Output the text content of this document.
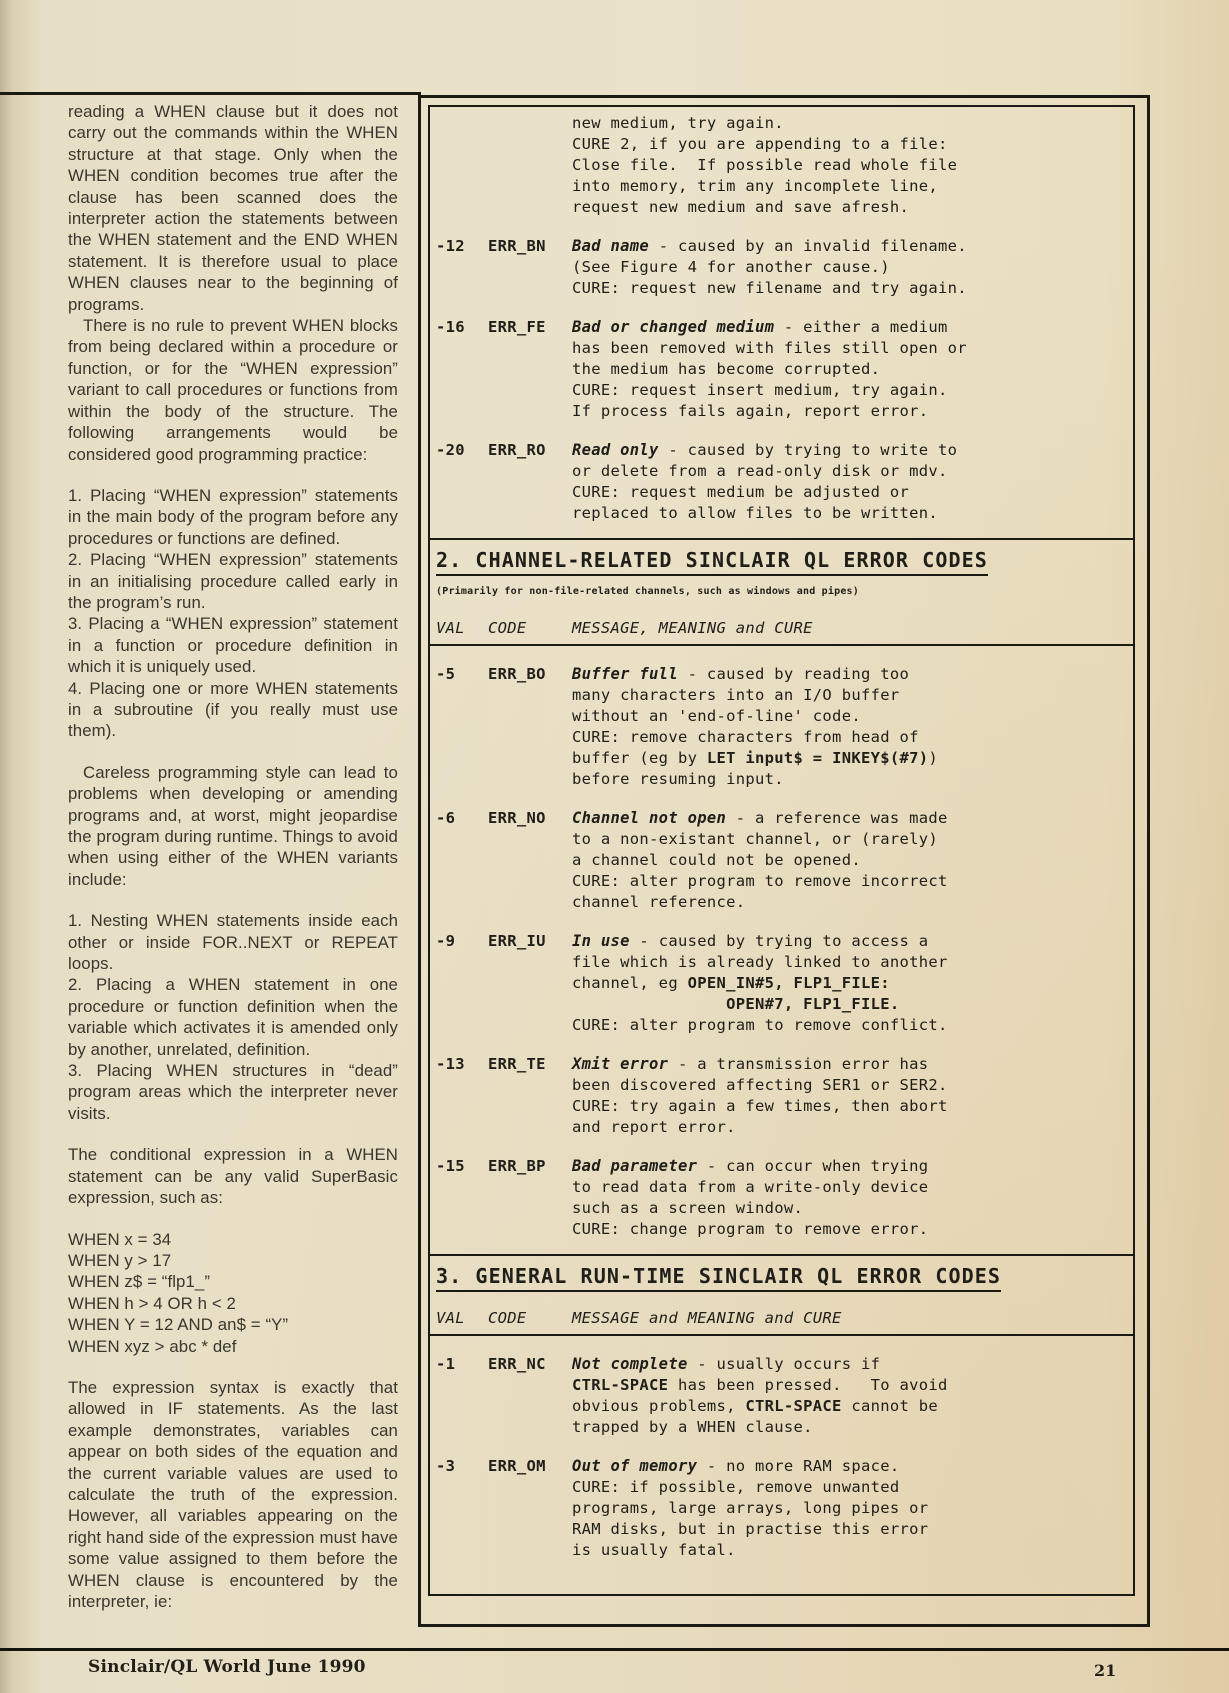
reading a WHEN clause but it does not carry out the commands within the WHEN structure at that stage. Only when the WHEN condition becomes true after the clause has been scanned does the interpreter action the statements between the WHEN statement and the END WHEN statement. It is therefore usual to place WHEN clauses near to the beginning of programs.

There is no rule to prevent WHEN blocks from being declared within a procedure or function, or for the “WHEN expression” variant to call procedures or functions from within the body of the structure. The following arrangements would be considered good programming practice:

1. Placing “WHEN expression” statements in the main body of the program before any procedures or functions are defined.

2. Placing “WHEN expression” statements in an initialising procedure called early in the program’s run.

3. Placing a “WHEN expression” statement in a function or procedure definition in which it is uniquely used.

4. Placing one or more WHEN statements in a subroutine (if you really must use them).

Careless programming style can lead to problems when developing or amending programs and, at worst, might jeopardise the program during runtime. Things to avoid when using either of the WHEN variants include:

1. Nesting WHEN statements inside each other or inside FOR..NEXT or REPEAT loops.

2. Placing a WHEN statement in one procedure or function definition when the variable which activates it is amended only by another, unrelated, definition.

3. Placing WHEN structures in “dead” program areas which the interpreter never visits.

The conditional expression in a WHEN statement can be any valid SuperBasic expression, such as:

WHEN x = 34
WHEN y > 17
WHEN z$ = “flp1_”
WHEN h > 4 OR h < 2
WHEN Y = 12 AND an$ = “Y”
WHEN xyz > abc * def

The expression syntax is exactly that allowed in IF statements. As the last example demonstrates, variables can appear on both sides of the equation and the current variable values are used to calculate the truth of the expression. However, all variables appearing on the right hand side of the expression must have some value assigned to them before the WHEN clause is encountered by the interpreter, ie:

new medium, try again.
CURE 2, if you are appending to a file:
Close file.  If possible read whole file
into memory, trim any incomplete line,
request new medium and save afresh.
-12	ERR_BN	Bad name - caused by an invalid filename.
(See Figure 4 for another cause.)
CURE: request new filename and try again.
-16	ERR_FE	Bad or changed medium - either a medium
has been removed with files still open or
the medium has become corrupted.
CURE: request insert medium, try again.
If process fails again, report error.
-20	ERR_RO	Read only - caused by trying to write to
or delete from a read-only disk or mdv.
CURE: request medium be adjusted or
replaced to allow files to be written.
2. CHANNEL-RELATED SINCLAIR QL ERROR CODES
(Primarily for non-file-related channels, such as windows and pipes)
VAL	CODE	MESSAGE, MEANING and CURE
-5	ERR_BO	Buffer full - caused by reading too
many characters into an I/O buffer
without an 'end-of-line' code.
CURE: remove characters from head of
buffer (eg by LET input$ = INKEY$(#7))
before resuming input.
-6	ERR_NO	Channel not open - a reference was made
to a non-existant channel, or (rarely)
a channel could not be opened.
CURE: alter program to remove incorrect
channel reference.
-9	ERR_IU	In use - caused by trying to access a
file which is already linked to another
channel, eg OPEN_IN#5, FLP1_FILE:
OPEN#7, FLP1_FILE.
CURE: alter program to remove conflict.
-13	ERR_TE	Xmit error - a transmission error has
been discovered affecting SER1 or SER2.
CURE: try again a few times, then abort
and report error.
-15	ERR_BP	Bad parameter - can occur when trying
to read data from a write-only device
such as a screen window.
CURE: change program to remove error.
3. GENERAL RUN-TIME SINCLAIR QL ERROR CODES
VAL	CODE	MESSAGE and MEANING and CURE
-1	ERR_NC	Not complete - usually occurs if
CTRL-SPACE has been pressed.   To avoid
obvious problems, CTRL-SPACE cannot be
trapped by a WHEN clause.
-3	ERR_OM	Out of memory - no more RAM space.
CURE: if possible, remove unwanted
programs, large arrays, long pipes or
RAM disks, but in practise this error
is usually fatal.
Sinclair/QL World June 1990	21
